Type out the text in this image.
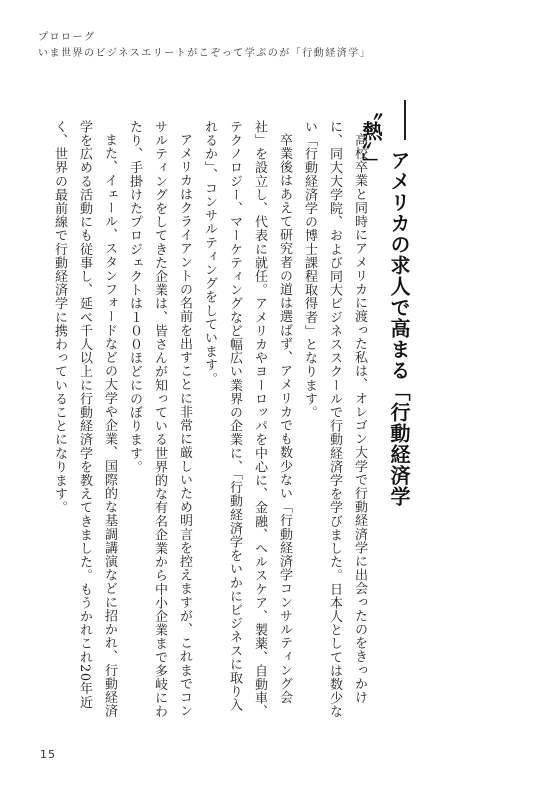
プロローグ
いま世界のビジネスエリートがこぞって学ぶのが「行動経済学」
アメリカの求人で高まる「行動経済学〝熱〟」

高校卒業と同時にアメリカに渡った私は、オレゴン大学で行動経済学に出会ったのをきっかけに、同大大学院、および同大ビジネススクールで行動経済学を学びました。日本人としては数少ない「行動経済学の博士課程取得者」となります。

卒業後はあえて研究者の道は選ばず、アメリカでも数少ない「行動経済学コンサルティング会社」を設立し、代表に就任。アメリカやヨーロッパを中心に、金融、ヘルスケア、製薬、自動車、テクノロジー、マーケティングなど幅広い業界の企業に、「行動経済学をいかにビジネスに取り入れるか」、コンサルティングをしています。

アメリカはクライアントの名前を出すことに非常に厳しいため明言を控えますが、これまでコンサルティングをしてきた企業は、皆さんが知っている世界的な有名企業から中小企業まで多岐にわたり、手掛けたプロジェクトは１００ほどにのぼります。

また、イェール、スタンフォードなどの大学や企業、国際的な基調講演などに招かれ、行動経済学を広める活動にも従事し、延べ千人以上に行動経済学を教えてきました。もうかれこれ20年近く、世界の最前線で行動経済学に携わっていることになります。

15
